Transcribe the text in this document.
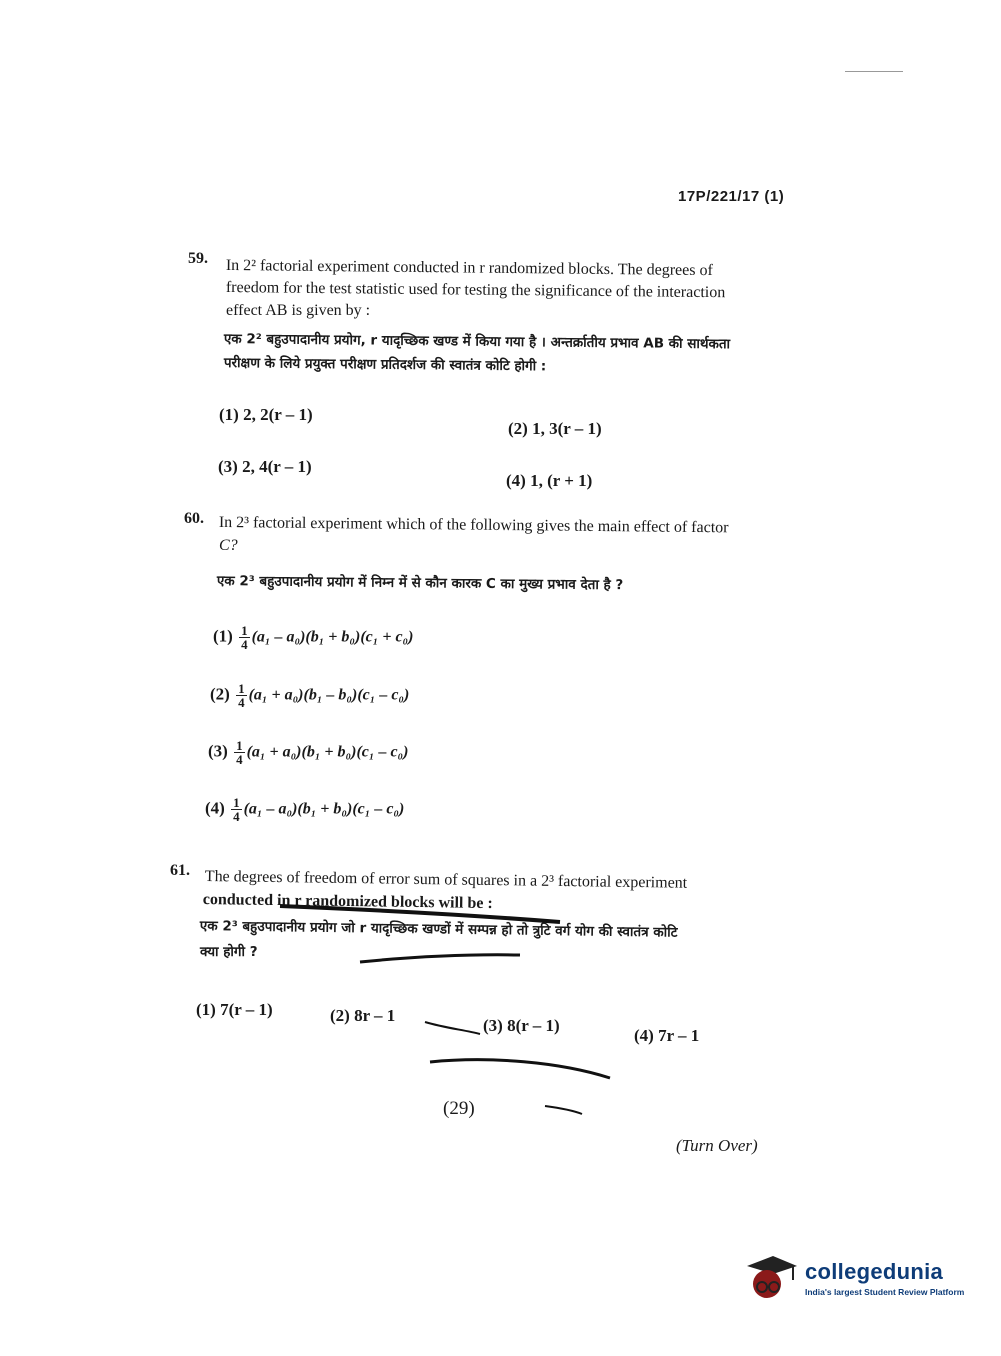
17P/221/17 (1)
59. In 2² factorial experiment conducted in r randomized blocks. The degrees of
freedom for the test statistic used for testing the significance of the interaction
effect AB is given by :
एक 2² बहुउपादानीय प्रयोग, r यादृच्छिक खण्ड में किया गया है । अन्तर्क्रातीय प्रभाव AB की सार्थकता
परीक्षण के लिये प्रयुक्त परीक्षण प्रतिदर्शज की स्वातंत्र कोटि होगी :
(1) 2, 2(r – 1)
(2) 1, 3(r – 1)
(3) 2, 4(r – 1)
(4) 1, (r + 1)
60. In 2³ factorial experiment which of the following gives the main effect of factor
C?
एक 2³ बहुउपादानीय प्रयोग में निम्न में से कौन कारक C का मुख्य प्रभाव देता है ?
$(1) \frac{1}{4} (a_1 - a_0)(b_1 + b_0)(c_1 + c_0)$
$(2) \frac{1}{4} (a_1 + a_0)(b_1 - b_0)(c_1 - c_0)$
$(3) \frac{1}{4} (a_1 + a_0)(b_1 + b_0)(c_1 - c_0)$
$(4) \frac{1}{4} (a_1 - a_0)(b_1 + b_0)(c_1 - c_0)$
61. The degrees of freedom of error sum of squares in a 2³ factorial experiment
conducted in r randomized blocks will be :
एक 2³ बहुउपादानीय प्रयोग जो r यादृच्छिक खण्डों में सम्पन्न हो तो त्रुटि वर्ग योग की स्वातंत्र कोटि
क्या होगी ?
(1) 7(r – 1)	(2) 8r – 1
(3) 8(r – 1)
(4) 7r – 1
(29)
(Turn Over)
collegedunia
India's largest Student Review Platform
